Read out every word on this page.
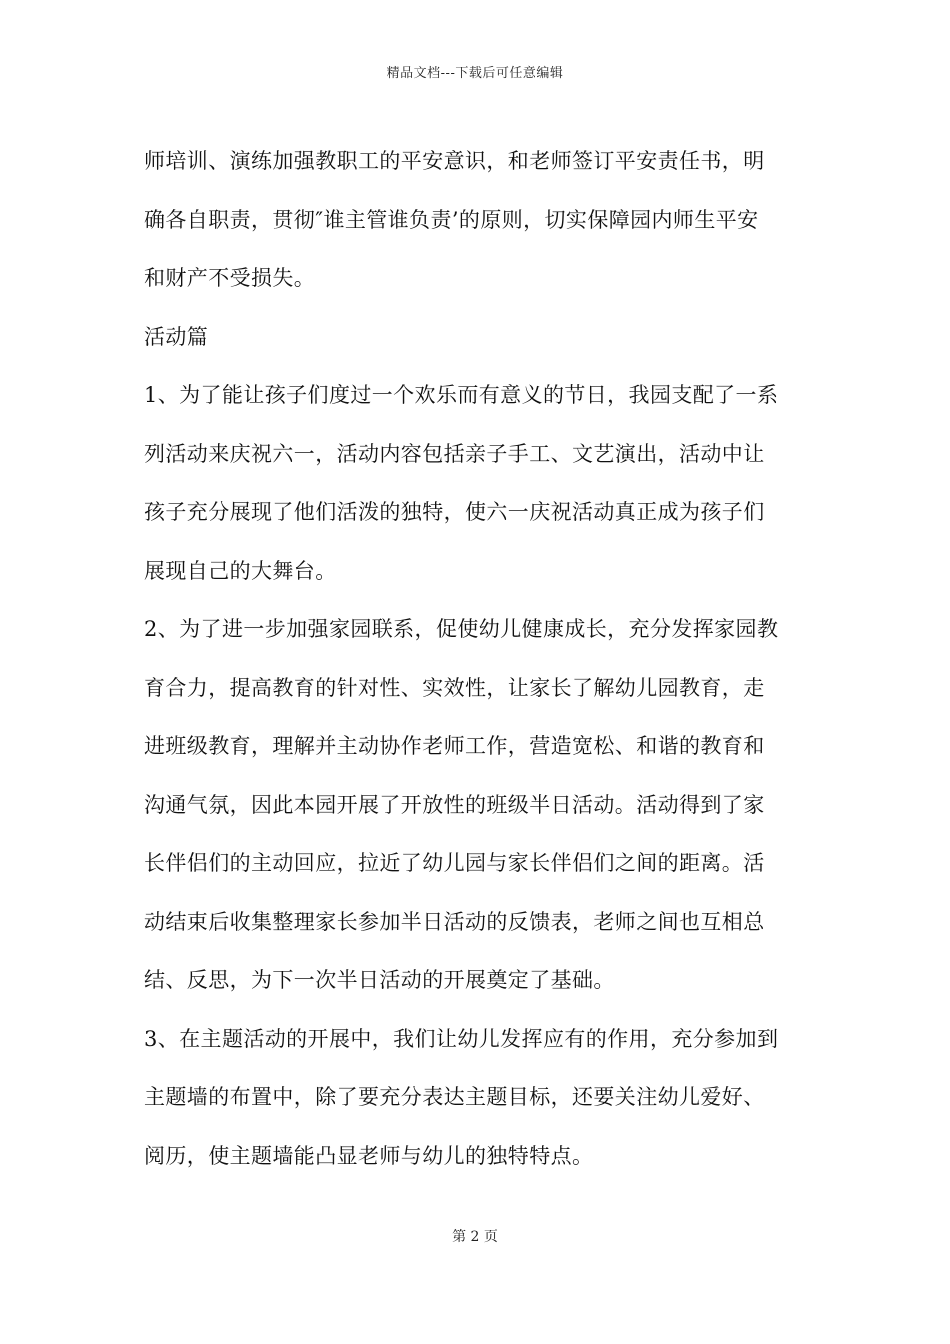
精品文档---下载后可任意编辑
师培训、演练加强教职工的平安意识，和老师签订平安责任书，明
确各自职责，贯彻″谁主管谁负责’的原则，切实保障园内师生平安
和财产不受损失。
活动篇
1、为了能让孩子们度过一个欢乐而有意义的节日，我园支配了一系
列活动来庆祝六一，活动内容包括亲子手工、文艺演出，活动中让
孩子充分展现了他们活泼的独特，使六一庆祝活动真正成为孩子们
展现自己的大舞台。
2、为了进一步加强家园联系，促使幼儿健康成长，充分发挥家园教
育合力，提高教育的针对性、实效性，让家长了解幼儿园教育，走
进班级教育，理解并主动协作老师工作，营造宽松、和谐的教育和
沟通气氛，因此本园开展了开放性的班级半日活动。活动得到了家
长伴侣们的主动回应，拉近了幼儿园与家长伴侣们之间的距离。活
动结束后收集整理家长参加半日活动的反馈表，老师之间也互相总
结、反思，为下一次半日活动的开展奠定了基础。
3、在主题活动的开展中，我们让幼儿发挥应有的作用，充分参加到
主题墙的布置中，除了要充分表达主题目标，还要关注幼儿爱好、
阅历，使主题墙能凸显老师与幼儿的独特特点。
第 2 页
